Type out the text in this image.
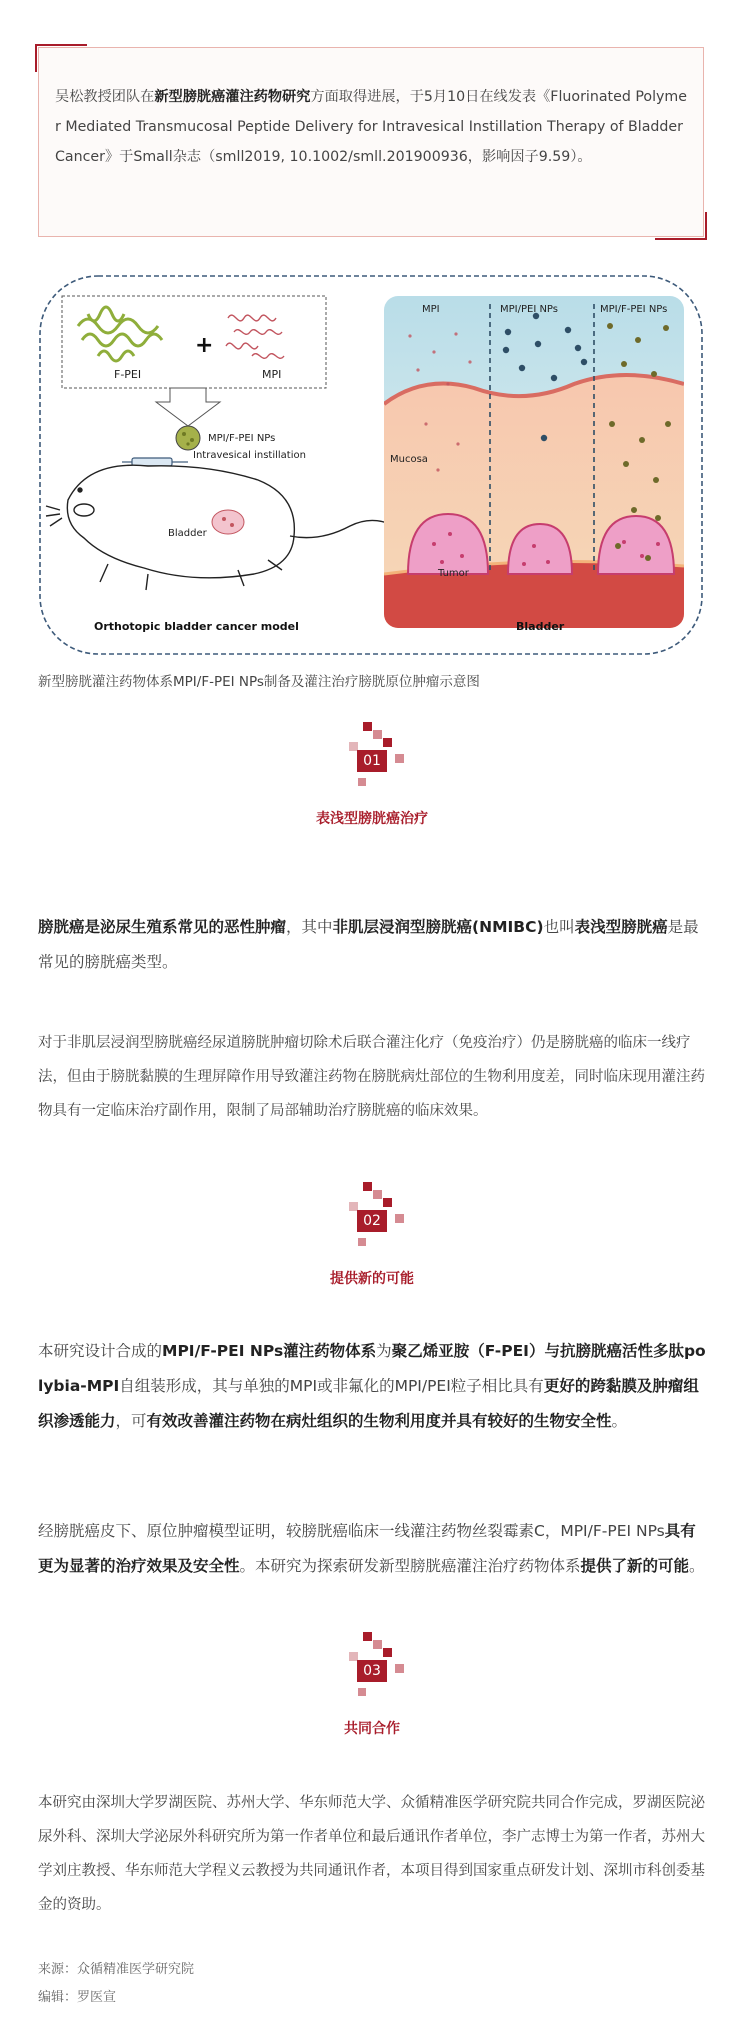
吴松教授团队在新型膀胱癌灌注药物研究方面取得进展，于5月10日在线发表《Fluorinated Polymer Mediated Transmucosal Peptide Delivery for Intravesical Instillation Therapy of Bladder Cancer》于Small杂志（smll2019, 10.1002/smll.201900936，影响因子9.59）。

F-PEI
+
MPI
MPI/F-PEI NPs
Intravesical instillation
Bladder
Orthotopic bladder cancer model
MPI	MPI/PEI NPs	MPI/F-PEI NPs
Mucosa
Tumor
Bladder

新型膀胱灌注药物体系MPI/F-PEI NPs制备及灌注治疗膀胱原位肿瘤示意图

01
表浅型膀胱癌治疗

膀胱癌是泌尿生殖系常见的恶性肿瘤，其中非肌层浸润型膀胱癌(NMIBC)也叫表浅型膀胱癌是最常见的膀胱癌类型。

对于非肌层浸润型膀胱癌经尿道膀胱肿瘤切除术后联合灌注化疗（免疫治疗）仍是膀胱癌的临床一线疗法，但由于膀胱黏膜的生理屏障作用导致灌注药物在膀胱病灶部位的生物利用度差，同时临床现用灌注药物具有一定临床治疗副作用，限制了局部辅助治疗膀胱癌的临床效果。

02
提供新的可能

本研究设计合成的MPI/F-PEI NPs灌注药物体系为聚乙烯亚胺（F-PEI）与抗膀胱癌活性多肽polybia-MPI自组装形成，其与单独的MPI或非氟化的MPI/PEI粒子相比具有更好的跨黏膜及肿瘤组织渗透能力，可有效改善灌注药物在病灶组织的生物利用度并具有较好的生物安全性。

经膀胱癌皮下、原位肿瘤模型证明，较膀胱癌临床一线灌注药物丝裂霉素C，MPI/F-PEI NPs具有更为显著的治疗效果及安全性。本研究为探索研发新型膀胱癌灌注治疗药物体系提供了新的可能。

03
共同合作

本研究由深圳大学罗湖医院、苏州大学、华东师范大学、众循精准医学研究院共同合作完成，罗湖医院泌尿外科、深圳大学泌尿外科研究所为第一作者单位和最后通讯作者单位，李广志博士为第一作者，苏州大学刘庄教授、华东师范大学程义云教授为共同通讯作者，本项目得到国家重点研发计划、深圳市科创委基金的资助。

来源：众循精准医学研究院

编辑：罗医宣
